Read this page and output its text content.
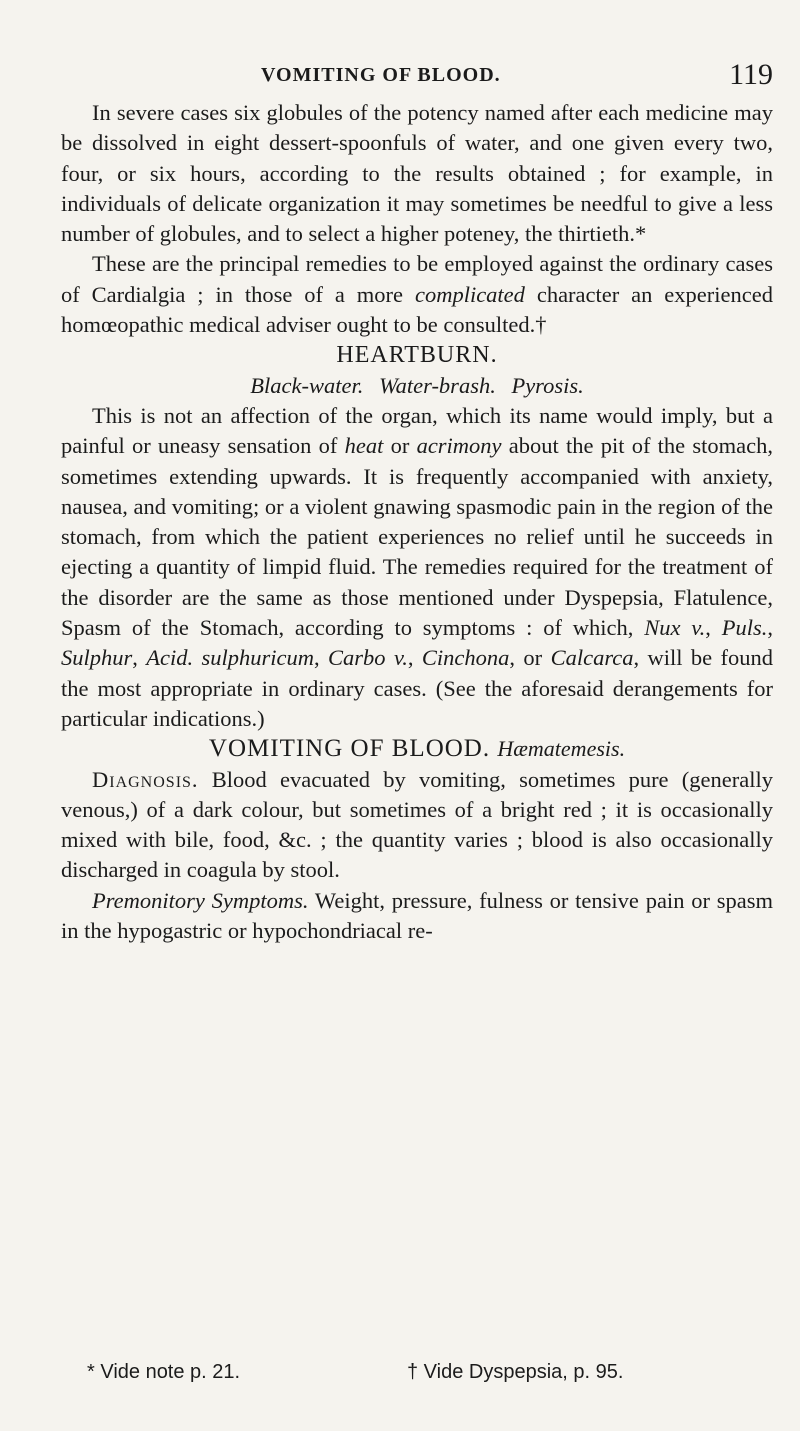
VOMITING OF BLOOD.	119

In severe cases six globules of the potency named after each medicine may be dissolved in eight dessert-spoonfuls of water, and one given every two, four, or six hours, according to the results obtained ; for example, in individuals of delicate organization it may sometimes be needful to give a less number of globules, and to select a higher poteney, the thirtieth.*

These are the principal remedies to be employed against the ordinary cases of Cardialgia ; in those of a more complicated character an experienced homœopathic medical adviser ought to be consulted.†

HEARTBURN.

Black-water. Water-brash. Pyrosis.

This is not an affection of the organ, which its name would imply, but a painful or uneasy sensation of heat or acrimony about the pit of the stomach, sometimes extending upwards. It is frequently accompanied with anxiety, nausea, and vomiting; or a violent gnawing spasmodic pain in the region of the stomach, from which the patient experiences no relief until he succeeds in ejecting a quantity of limpid fluid. The remedies required for the treatment of the disorder are the same as those mentioned under Dyspepsia, Flatulence, Spasm of the Stomach, according to symptoms : of which, Nux v., Puls., Sulphur, Acid. sulphuricum, Carbo v., Cinchona, or Calcarca, will be found the most appropriate in ordinary cases. (See the aforesaid derangements for particular indications.)

VOMITING OF BLOOD. Hæmatemesis.

Diagnosis. Blood evacuated by vomiting, sometimes pure (generally venous,) of a dark colour, but sometimes of a bright red ; it is occasionally mixed with bile, food, &c. ; the quantity varies ; blood is also occasionally discharged in coagula by stool.

Premonitory Symptoms. Weight, pressure, fulness or tensive pain or spasm in the hypogastric or hypochondriacal re-

* Vide note p. 21.	† Vide Dyspepsia, p. 95.
